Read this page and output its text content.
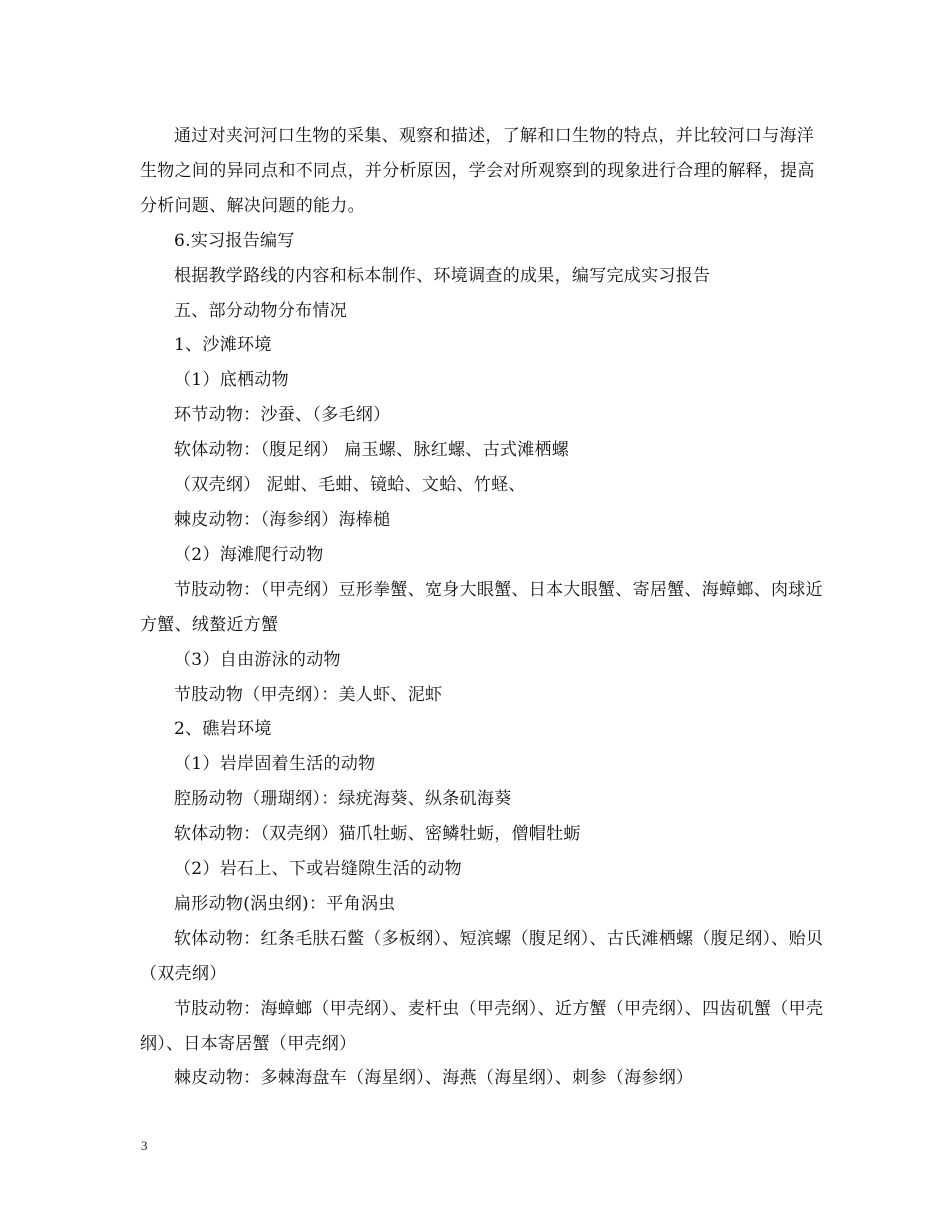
通过对夹河河口生物的采集、观察和描述，了解和口生物的特点，并比较河口与海洋生物之间的异同点和不同点，并分析原因，学会对所观察到的现象进行合理的解释，提高分析问题、解决问题的能力。

6.实习报告编写

根据教学路线的内容和标本制作、环境调查的成果，编写完成实习报告

五、部分动物分布情况

1、沙滩环境

（1）底栖动物

环节动物：沙蚕、（多毛纲）

软体动物：（腹足纲） 扁玉螺、脉红螺、古式滩栖螺

（双壳纲） 泥蚶、毛蚶、镜蛤、文蛤、竹蛏、

棘皮动物：（海参纲）海棒槌

（2）海滩爬行动物

节肢动物：（甲壳纲）豆形拳蟹、宽身大眼蟹、日本大眼蟹、寄居蟹、海蟑螂、肉球近方蟹、绒螯近方蟹

（3）自由游泳的动物

节肢动物（甲壳纲）：美人虾、泥虾

2、礁岩环境

（1）岩岸固着生活的动物

腔肠动物（珊瑚纲）：绿疣海葵、纵条矶海葵

软体动物：（双壳纲）猫爪牡蛎、密鳞牡蛎，僧帽牡蛎

（2）岩石上、下或岩缝隙生活的动物

扁形动物(涡虫纲)：平角涡虫

软体动物：红条毛肤石鳖（多板纲）、短滨螺（腹足纲）、古氏滩栖螺（腹足纲）、贻贝（双壳纲）

节肢动物：海蟑螂（甲壳纲）、麦杆虫（甲壳纲）、近方蟹（甲壳纲）、四齿矶蟹（甲壳纲）、日本寄居蟹（甲壳纲）

棘皮动物：多棘海盘车（海星纲）、海燕（海星纲）、刺参（海参纲）

3
